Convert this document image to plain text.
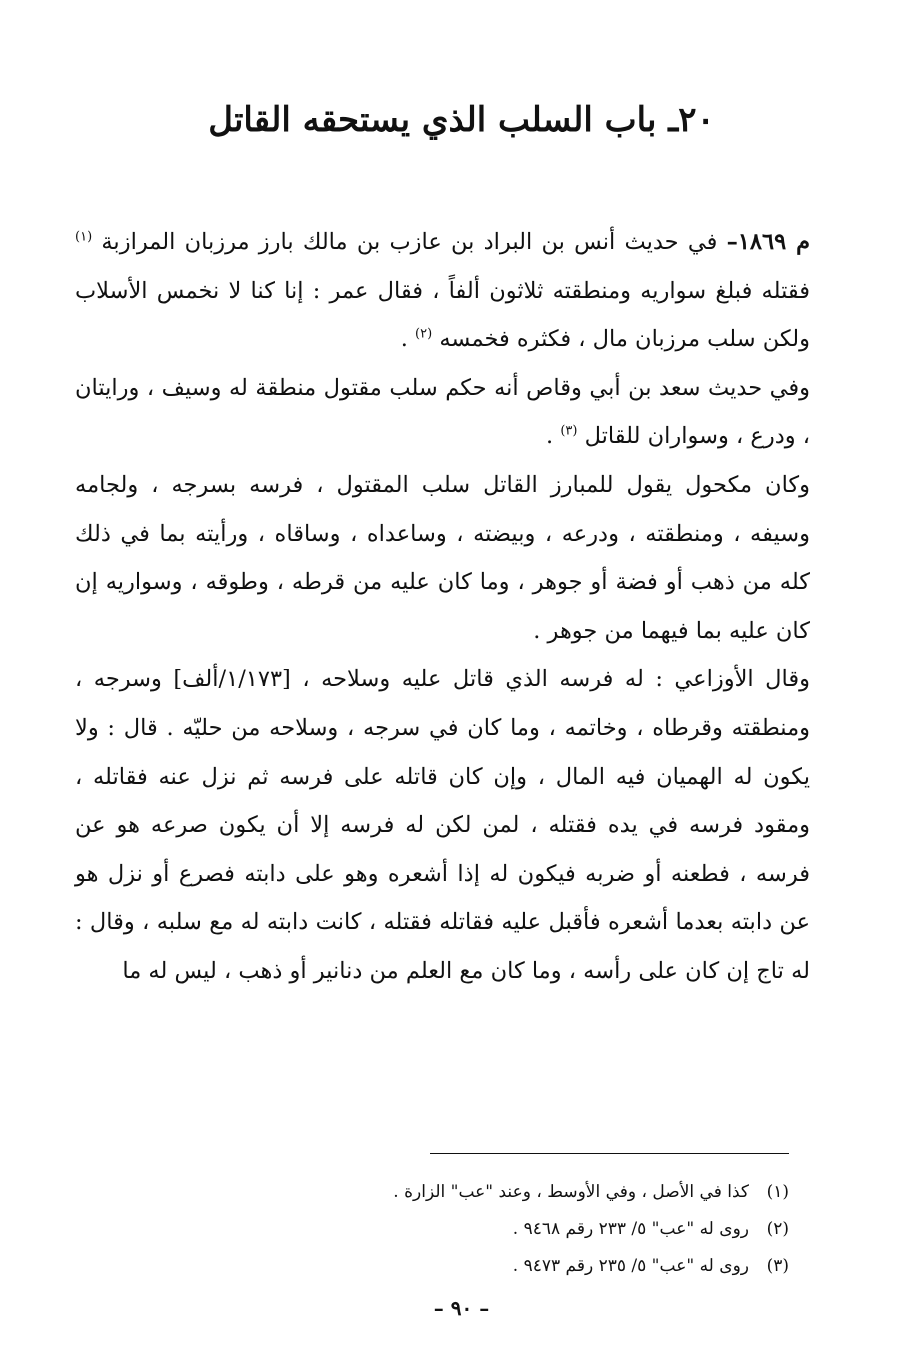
٢٠ـ باب السلب الذي يستحقه القاتل

م ١٨٦٩– في حديث أنس بن البراد بن عازب بن مالك بارز مرزبان المرازبة $^{(١)}$ فقتله فبلغ سواريه ومنطقته ثلاثون ألفاً ، فقال عمر : إنا كنا لا نخمس الأسلاب ولكن سلب مرزبان مال ، فكثره فخمسه $^{(٢)}$ .

وفي حديث سعد بن أبي وقاص أنه حكم سلب مقتول منطقة له وسيف ، ورايتان ، ودرع ، وسواران للقاتل $^{(٣)}$ .

وكان مكحول يقول للمبارز القاتل سلب المقتول ، فرسه بسرجه ، ولجامه وسيفه ، ومنطقته ، ودرعه ، وبيضته ، وساعداه ، وساقاه ، ورأيته بما في ذلك كله من ذهب أو فضة أو جوهر ، وما كان عليه من قرطه ، وطوقه ، وسواريه إن كان عليه بما فيهما من جوهر .

وقال الأوزاعي : له فرسه الذي قاتل عليه وسلاحه ، [١/١٧٣/ألف] وسرجه ، ومنطقته وقرطاه ، وخاتمه ، وما كان في سرجه ، وسلاحه من حليّه . قال : ولا يكون له الهميان فيه المال ، وإن كان قاتله على فرسه ثم نزل عنه فقاتله ، ومقود فرسه في يده فقتله ، لمن لكن له فرسه إلا أن يكون صرعه هو عن فرسه ، فطعنه أو ضربه فيكون له إذا أشعره وهو على دابته فصرع أو نزل هو عن دابته بعدما أشعره فأقبل عليه فقاتله فقتله ، كانت دابته له مع سلبه ، وقال : له تاج إن كان على رأسه ، وما كان مع العلم من دنانير أو ذهب ، ليس له ما

(١)
كذا في الأصل ، وفي الأوسط ، وعند "عب" الزارة .
(٢)
روى له "عب" ٥/ ٢٣٣ رقم ٩٤٦٨ .
(٣)
روى له "عب" ٥/ ٢٣٥ رقم ٩٤٧٣ .
– ٩٠ –
